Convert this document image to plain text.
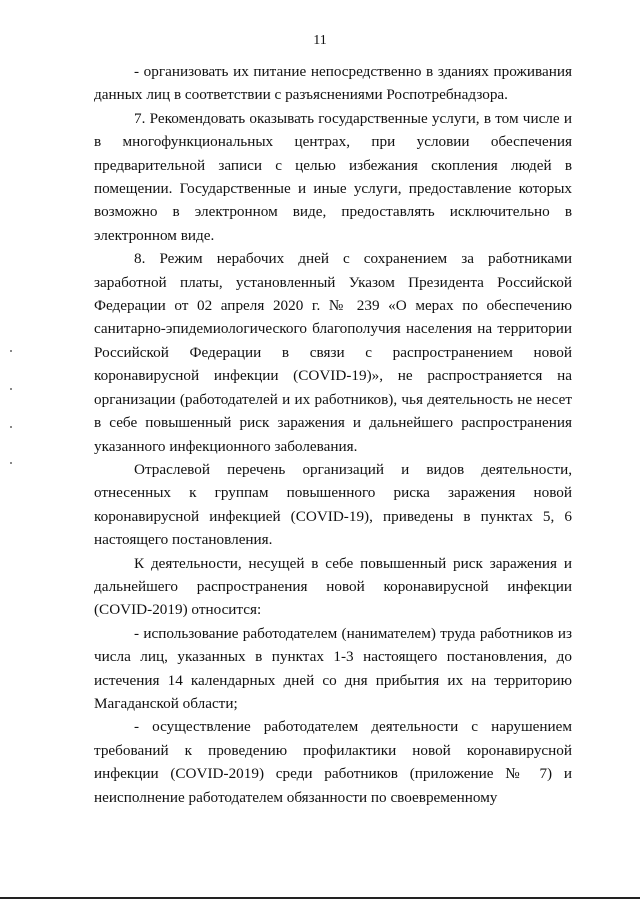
11

- организовать их питание непосредственно в зданиях проживания данных лиц в соответствии с разъяснениями Роспотребнадзора.

7. Рекомендовать оказывать государственные услуги, в том числе и в многофункциональных центрах, при условии обеспечения предварительной записи с целью избежания скопления людей в помещении. Государственные и иные услуги, предоставление которых возможно в электронном виде, предоставлять исключительно в электронном виде.

8. Режим нерабочих дней с сохранением за работниками заработной платы, установленный Указом Президента Российской Федерации от 02 апреля 2020 г. № 239 «О мерах по обеспечению санитарно-эпидемиологического благополучия населения на территории Российской Федерации в связи с распространением новой коронавирусной инфекции (COVID-19)», не распространяется на организации (работодателей и их работников), чья деятельность не несет в себе повышенный риск заражения и дальнейшего распространения указанного инфекционного заболевания.

Отраслевой перечень организаций и видов деятельности, отнесенных к группам повышенного риска заражения новой коронавирусной инфекцией (COVID-19), приведены в пунктах 5, 6 настоящего постановления.

К деятельности, несущей в себе повышенный риск заражения и дальнейшего распространения новой коронавирусной инфекции (COVID-2019) относится:

- использование работодателем (нанимателем) труда работников из числа лиц, указанных в пунктах 1-3 настоящего постановления, до истечения 14 календарных дней со дня прибытия их на территорию Магаданской области;

- осуществление работодателем деятельности с нарушением требований к проведению профилактики новой коронавирусной инфекции (COVID-2019) среди работников (приложение № 7) и неисполнение работодателем обязанности по своевременному
